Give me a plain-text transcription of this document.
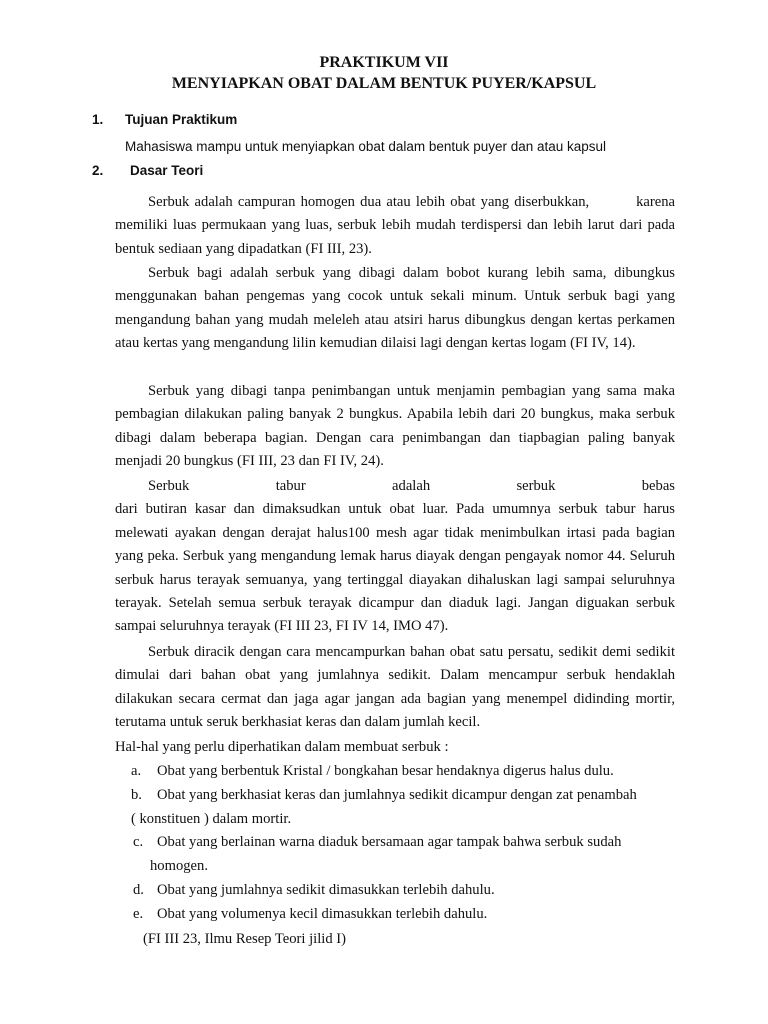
PRAKTIKUM VII
MENYIAPKAN OBAT DALAM BENTUK PUYER/KAPSUL
1. Tujuan Praktikum
Mahasiswa mampu untuk menyiapkan obat dalam bentuk puyer dan atau kapsul
2. Dasar Teori

Serbuk adalah campuran homogen dua atau lebih obat yang diserbukkan,         karena memiliki luas permukaan yang luas, serbuk lebih mudah terdispersi dan lebih larut dari pada bentuk sediaan yang dipadatkan (FI III, 23).

Serbuk bagi adalah serbuk yang dibagi dalam bobot kurang lebih sama, dibungkus menggunakan bahan pengemas yang cocok untuk sekali minum. Untuk serbuk bagi yang mengandung bahan yang mudah meleleh atau atsiri harus dibungkus dengan kertas perkamen atau kertas yang mengandung lilin kemudian dilaisi lagi dengan kertas logam (FI IV, 14).

Serbuk yang dibagi tanpa penimbangan untuk menjamin pembagian yang sama maka pembagian dilakukan paling banyak 2 bungkus. Apabila lebih dari 20 bungkus, maka serbuk dibagi dalam beberapa bagian. Dengan cara penimbangan dan tiapbagian paling banyak menjadi 20 bungkus (FI III, 23 dan FI IV, 24).

Serbuk	tabur	adalah	serbuk	bebas

dari butiran kasar dan dimaksudkan untuk obat luar. Pada umumnya serbuk tabur harus melewati ayakan dengan derajat halus100 mesh agar tidak menimbulkan irtasi pada bagian yang peka. Serbuk yang mengandung lemak harus diayak dengan pengayak nomor 44. Seluruh serbuk harus terayak semuanya, yang tertinggal diayakan dihaluskan lagi sampai seluruhnya terayak. Setelah semua serbuk terayak dicampur dan diaduk lagi. Jangan diguakan serbuk sampai seluruhnya terayak (FI III 23, FI IV 14, IMO 47).

Serbuk diracik dengan cara mencampurkan bahan obat satu persatu, sedikit demi sedikit dimulai dari bahan obat yang jumlahnya sedikit. Dalam mencampur serbuk hendaklah dilakukan secara cermat dan jaga agar jangan ada bagian yang menempel didinding mortir, terutama untuk seruk berkhasiat keras dan dalam jumlah kecil.

Hal-hal yang perlu diperhatikan dalam membuat serbuk :
a. Obat yang berbentuk Kristal / bongkahan besar hendaknya digerus halus dulu.
b. Obat yang berkhasiat keras dan jumlahnya sedikit dicampur dengan zat penambah
( konstituen ) dalam mortir.
c. Obat yang berlainan warna diaduk bersamaan agar tampak bahwa serbuk sudah
homogen.
d. Obat yang jumlahnya sedikit dimasukkan terlebih dahulu.
e. Obat yang volumenya kecil dimasukkan terlebih dahulu.
(FI III 23, Ilmu Resep Teori jilid I)
